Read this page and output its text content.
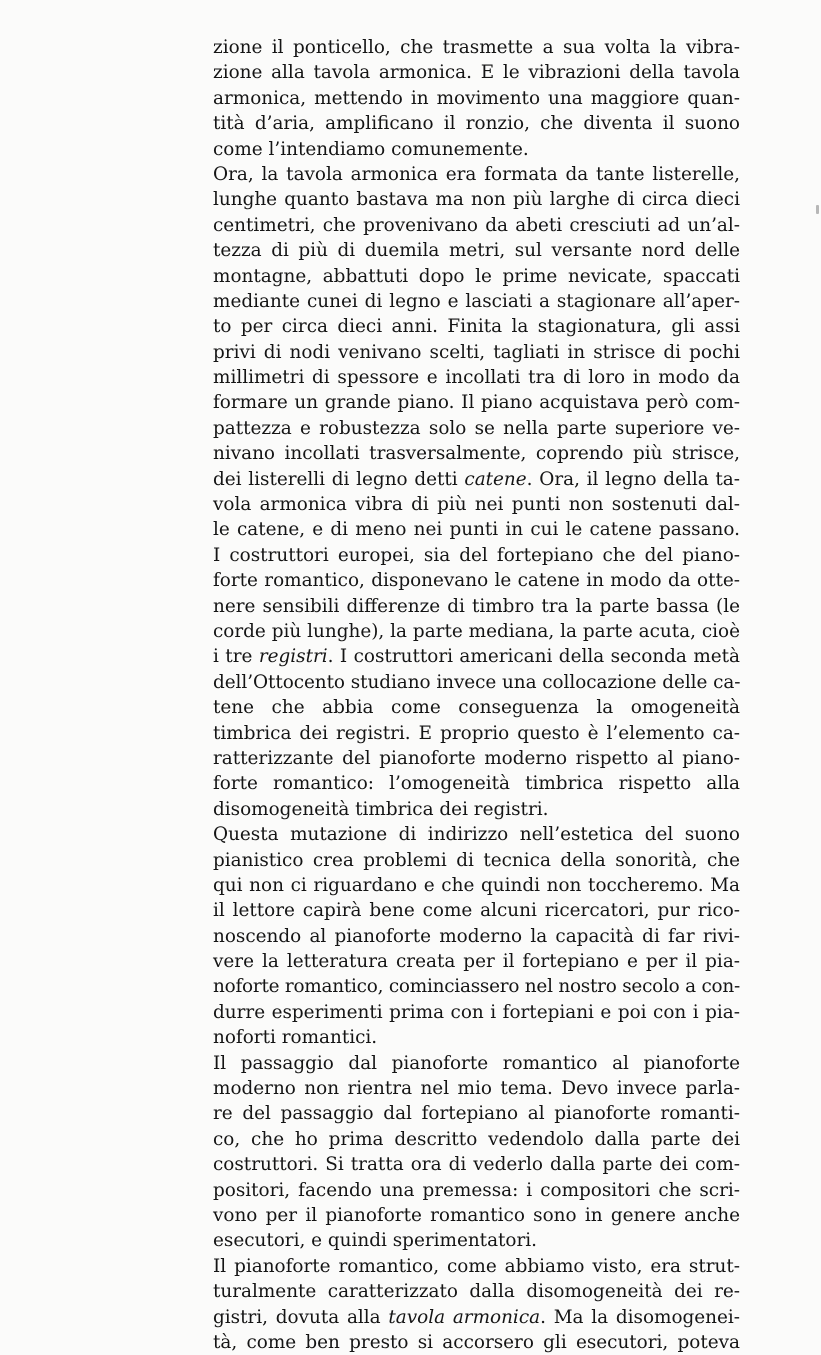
zione il ponticello, che trasmette a sua volta la vibra-
zione alla tavola armonica. E le vibrazioni della tavola
armonica, mettendo in movimento una maggiore quan-
tità d’aria, amplificano il ronzio, che diventa il suono
come l’intendiamo comunemente.
Ora, la tavola armonica era formata da tante listerelle,
lunghe quanto bastava ma non più larghe di circa dieci
centimetri, che provenivano da abeti cresciuti ad un’al-
tezza di più di duemila metri, sul versante nord delle
montagne, abbattuti dopo le prime nevicate, spaccati
mediante cunei di legno e lasciati a stagionare all’aper-
to per circa dieci anni. Finita la stagionatura, gli assi
privi di nodi venivano scelti, tagliati in strisce di pochi
millimetri di spessore e incollati tra di loro in modo da
formare un grande piano. Il piano acquistava però com-
pattezza e robustezza solo se nella parte superiore ve-
nivano incollati trasversalmente, coprendo più strisce,
dei listerelli di legno detti catene. Ora, il legno della ta-
vola armonica vibra di più nei punti non sostenuti dal-
le catene, e di meno nei punti in cui le catene passano.
I costruttori europei, sia del fortepiano che del piano-
forte romantico, disponevano le catene in modo da otte-
nere sensibili differenze di timbro tra la parte bassa (le
corde più lunghe), la parte mediana, la parte acuta, cioè
i tre registri. I costruttori americani della seconda metà
dell’Ottocento studiano invece una collocazione delle ca-
tene che abbia come conseguenza la omogeneità
timbrica dei registri. E proprio questo è l’elemento ca-
ratterizzante del pianoforte moderno rispetto al piano-
forte romantico: l’omogeneità timbrica rispetto alla
disomogeneità timbrica dei registri.
Questa mutazione di indirizzo nell’estetica del suono
pianistico crea problemi di tecnica della sonorità, che
qui non ci riguardano e che quindi non toccheremo. Ma
il lettore capirà bene come alcuni ricercatori, pur rico-
noscendo al pianoforte moderno la capacità di far rivi-
vere la letteratura creata per il fortepiano e per il pia-
noforte romantico, cominciassero nel nostro secolo a con-
durre esperimenti prima con i fortepiani e poi con i pia-
noforti romantici.
Il passaggio dal pianoforte romantico al pianoforte
moderno non rientra nel mio tema. Devo invece parla-
re del passaggio dal fortepiano al pianoforte romanti-
co, che ho prima descritto vedendolo dalla parte dei
costruttori. Si tratta ora di vederlo dalla parte dei com-
positori, facendo una premessa: i compositori che scri-
vono per il pianoforte romantico sono in genere anche
esecutori, e quindi sperimentatori.
Il pianoforte romantico, come abbiamo visto, era strut-
turalmente caratterizzato dalla disomogeneità dei re-
gistri, dovuta alla tavola armonica. Ma la disomogenei-
tà, come ben presto si accorsero gli esecutori, poteva
